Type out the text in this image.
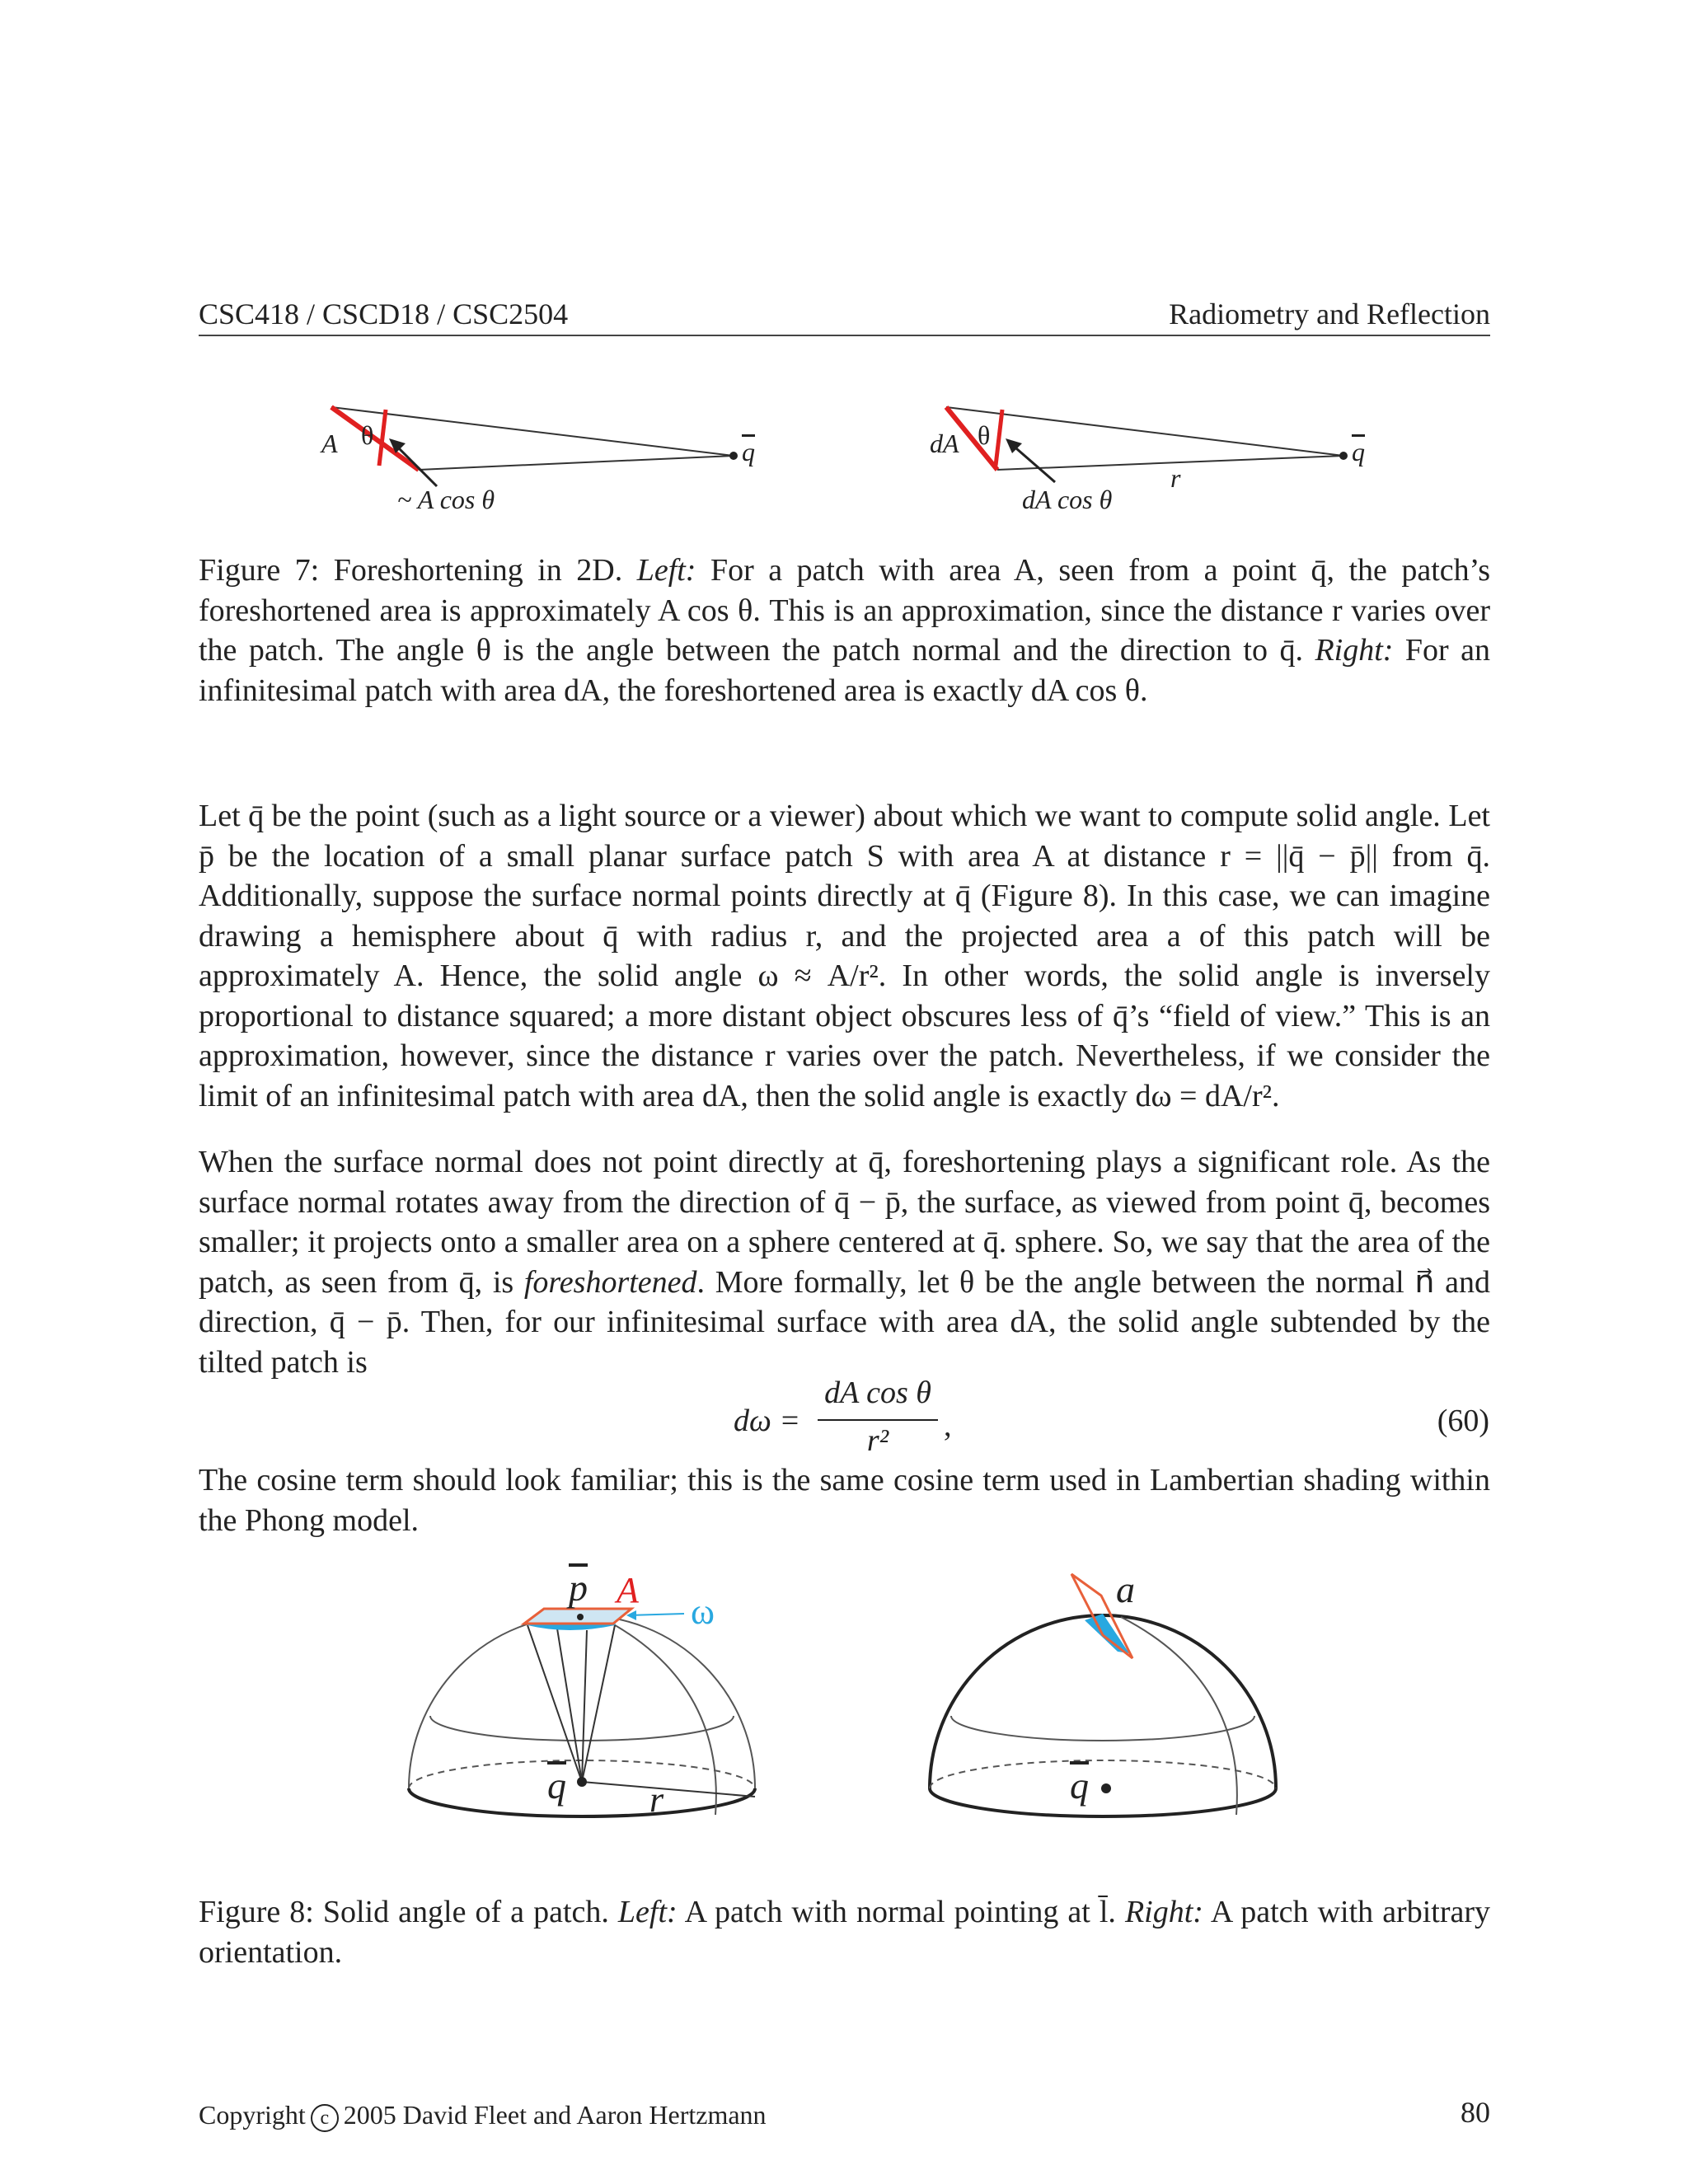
CSC418 / CSCD18 / CSC2504	Radiometry and Reflection
A θ
$\overline{q}$
~ A cos θ
dA θ
$\overline{q}$
r
dA cos θ
Figure 7: Foreshortening in 2D. Left: For a patch with area A, seen from a point q̄, the patch’s foreshortened area is approximately A cos θ. This is an approximation, since the distance r varies over the patch. The angle θ is the angle between the patch normal and the direction to q̄. Right: For an infinitesimal patch with area dA, the foreshortened area is exactly dA cos θ.
Let q̄ be the point (such as a light source or a viewer) about which we want to compute solid angle. Let p̄ be the location of a small planar surface patch S with area A at distance r = ||q̄ − p̄|| from q̄. Additionally, suppose the surface normal points directly at q̄ (Figure 8). In this case, we can imagine drawing a hemisphere about q̄ with radius r, and the projected area a of this patch will be approximately A. Hence, the solid angle ω ≈ A/r². In other words, the solid angle is inversely proportional to distance squared; a more distant object obscures less of q̄’s “field of view.” This is an approximation, however, since the distance r varies over the patch. Nevertheless, if we consider the limit of an infinitesimal patch with area dA, then the solid angle is exactly dω = dA/r².
When the surface normal does not point directly at q̄, foreshortening plays a significant role. As the surface normal rotates away from the direction of q̄ − p̄, the surface, as viewed from point q̄, becomes smaller; it projects onto a smaller area on a sphere centered at q̄. sphere. So, we say that the area of the patch, as seen from q̄, is foreshortened. More formally, let θ be the angle between the normal n⃗ and direction, q̄ − p̄. Then, for our infinitesimal surface with area dA, the solid angle subtended by the tilted patch is
dω =
dA cos θ
r²	,	(60)
The cosine term should look familiar; this is the same cosine term used in Lambertian shading within the Phong model.
$\overline{p}$ A
ω
$\overline{q}$ r
a
$\overline{q}$
Figure 8: Solid angle of a patch. Left: A patch with normal pointing at l̄. Right: A patch with arbitrary orientation.
Copyright c 2005 David Fleet and Aaron Hertzmann	80
